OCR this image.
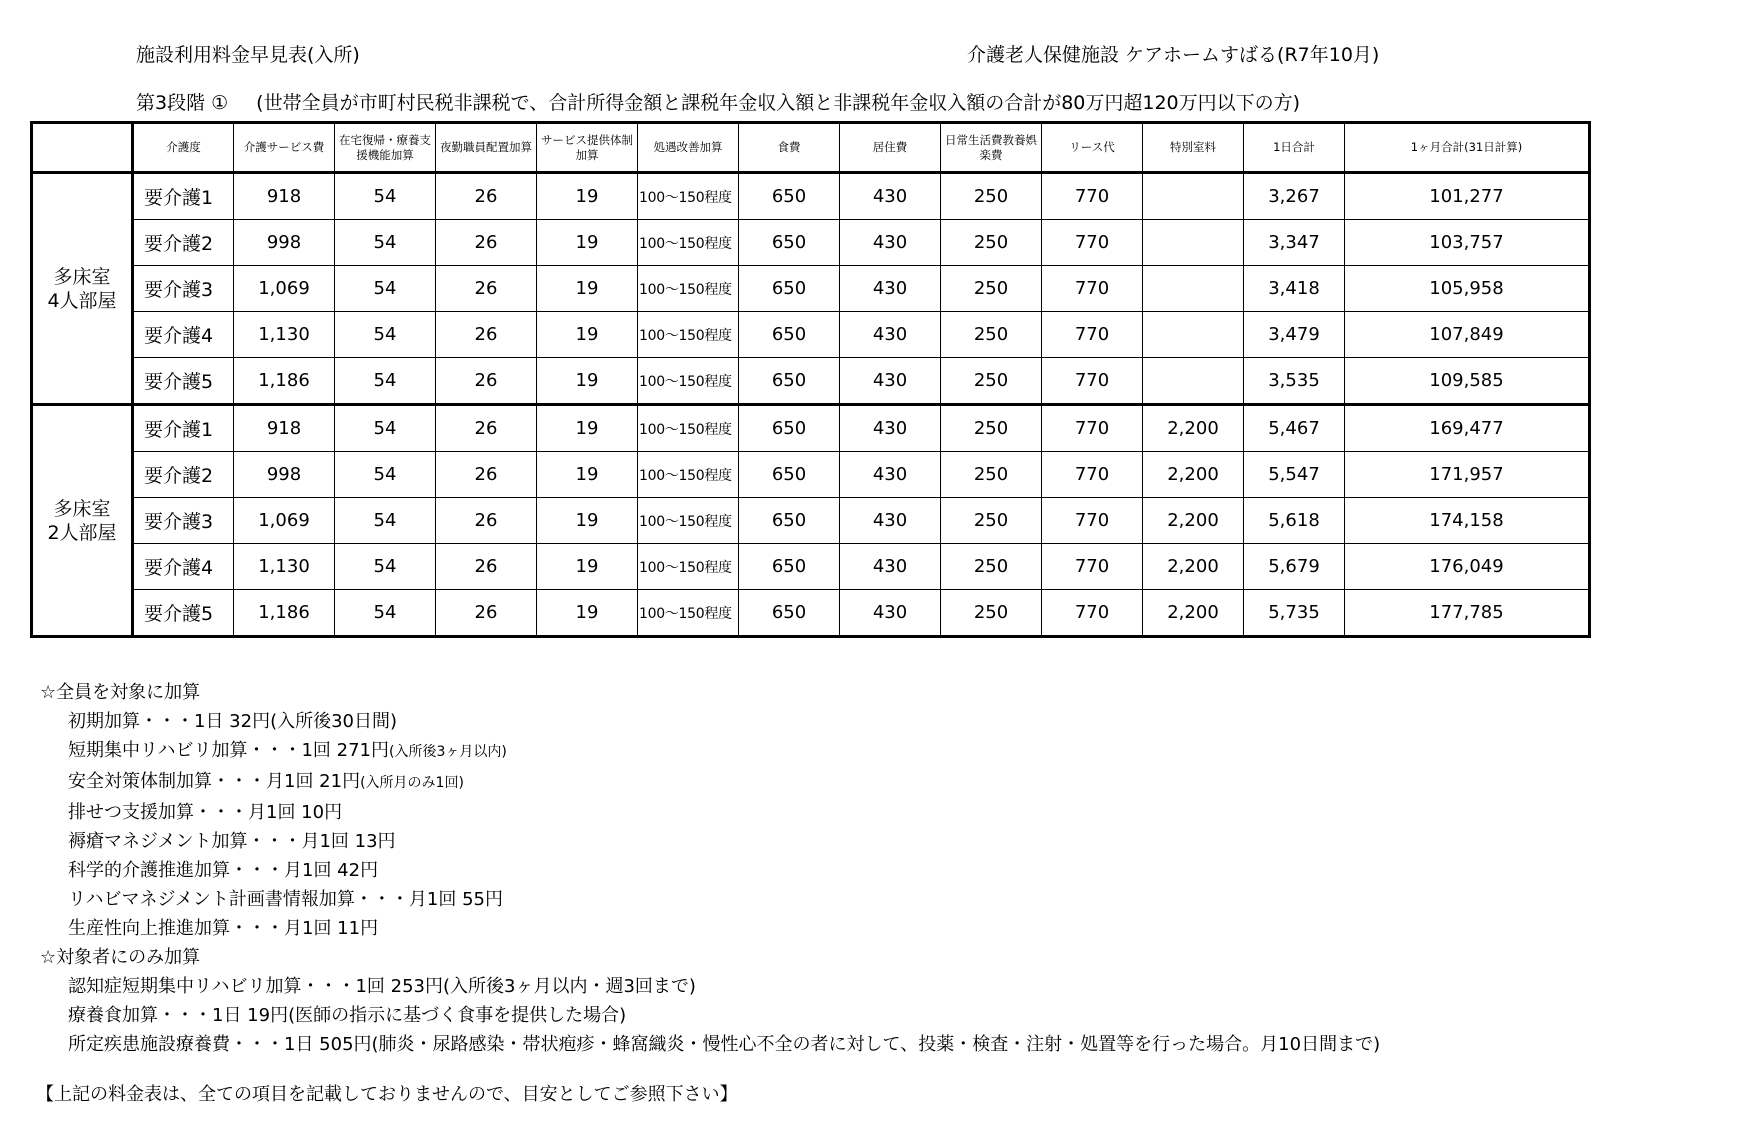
施設利用料金早見表(入所)	介護老人保健施設 ケアホームすばる(R7年10月)
第3段階 ① (世帯全員が市町村民税非課税で、合計所得金額と課税年金収入額と非課税年金収入額の合計が80万円超120万円以下の方)
	介護度	介護サービス費	在宅復帰・療養支援機能加算	夜勤職員配置加算	サービス提供体制加算	処遇改善加算	食費	居住費	日常生活費教養娯楽費	リース代	特別室料	1日合計	1ヶ月合計(31日計算)
多床室
4人部屋	要介護1	918	54	26	19	100～150程度	650	430	250	770		3,267	101,277
	要介護2	998	54	26	19	100～150程度	650	430	250	770		3,347	103,757
	要介護3	1,069	54	26	19	100～150程度	650	430	250	770		3,418	105,958
	要介護4	1,130	54	26	19	100～150程度	650	430	250	770		3,479	107,849
	要介護5	1,186	54	26	19	100～150程度	650	430	250	770		3,535	109,585
多床室
2人部屋	要介護1	918	54	26	19	100～150程度	650	430	250	770	2,200	5,467	169,477
	要介護2	998	54	26	19	100～150程度	650	430	250	770	2,200	5,547	171,957
	要介護3	1,069	54	26	19	100～150程度	650	430	250	770	2,200	5,618	174,158
	要介護4	1,130	54	26	19	100～150程度	650	430	250	770	2,200	5,679	176,049
	要介護5	1,186	54	26	19	100～150程度	650	430	250	770	2,200	5,735	177,785
☆全員を対象に加算
初期加算・・・1日 32円(入所後30日間)
短期集中リハビリ加算・・・1回 271円(入所後3ヶ月以内)
安全対策体制加算・・・月1回 21円(入所月のみ1回)
排せつ支援加算・・・月1回 10円
褥瘡マネジメント加算・・・月1回 13円
科学的介護推進加算・・・月1回 42円
リハビマネジメント計画書情報加算・・・月1回 55円
生産性向上推進加算・・・月1回 11円
☆対象者にのみ加算
認知症短期集中リハビリ加算・・・1回 253円(入所後3ヶ月以内・週3回まで)
療養食加算・・・1日 19円(医師の指示に基づく食事を提供した場合)
所定疾患施設療養費・・・1日 505円(肺炎・尿路感染・帯状疱疹・蜂窩織炎・慢性心不全の者に対して、投薬・検査・注射・処置等を行った場合。月10日間まで)
【上記の料金表は、全ての項目を記載しておりませんので、目安としてご参照下さい】
